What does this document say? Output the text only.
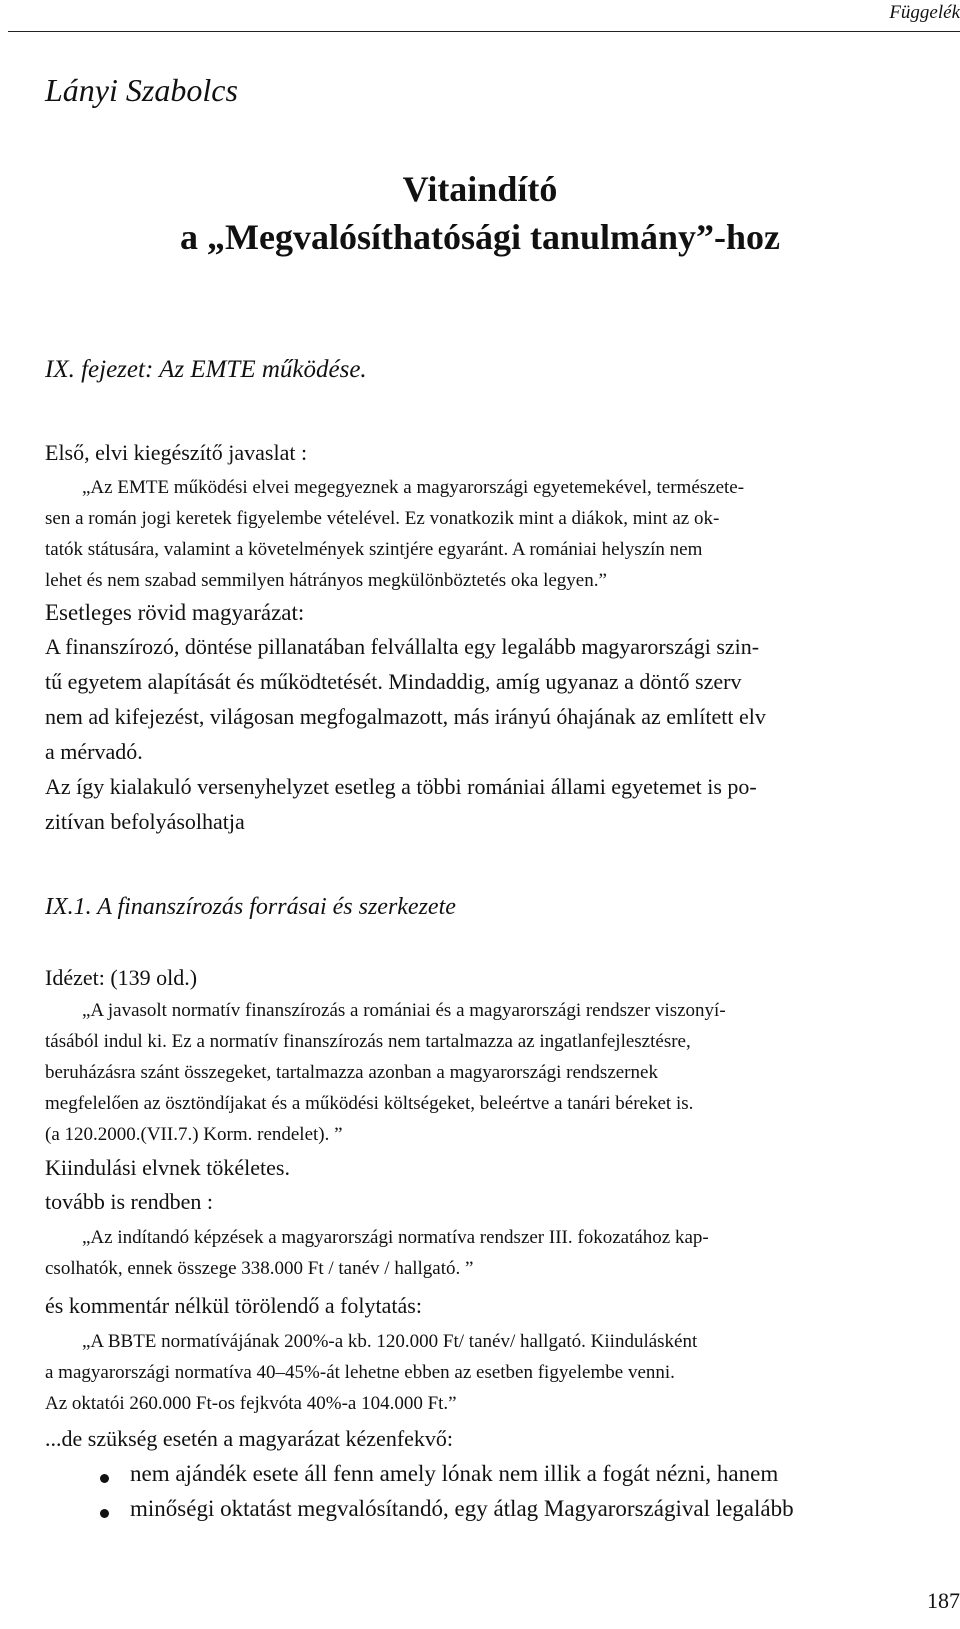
Függelék
Lányi Szabolcs
Vitaindító
a „Megvalósíthatósági tanulmány”-hoz
IX. fejezet: Az EMTE működése.
Első, elvi kiegészítő javaslat :
„Az EMTE működési elvei megegyeznek a magyarországi egyetemekével, természete-
sen a román jogi keretek figyelembe vételével. Ez vonatkozik mint a diákok, mint az ok-
tatók státusára, valamint a követelmények szintjére egyaránt. A romániai helyszín nem
lehet és nem szabad semmilyen hátrányos megkülönböztetés oka legyen.”
Esetleges rövid magyarázat:
A finanszírozó, döntése pillanatában felvállalta egy legalább magyarországi szin-
tű egyetem alapítását és működtetését. Mindaddig, amíg ugyanaz a döntő szerv
nem ad kifejezést, világosan megfogalmazott, más irányú óhajának az említett elv
a mérvadó.
Az így kialakuló versenyhelyzet esetleg a többi romániai állami egyetemet is po-
zitívan befolyásolhatja
IX.1. A finanszírozás forrásai és szerkezete
Idézet: (139 old.)
„A javasolt normatív finanszírozás a romániai és a magyarországi rendszer viszonyí-
tásából indul ki. Ez a normatív finanszírozás nem tartalmazza az ingatlanfejlesztésre,
beruházásra szánt összegeket, tartalmazza azonban a magyarországi rendszernek
megfelelően az ösztöndíjakat és a működési költségeket, beleértve a tanári béreket is.
(a 120.2000.(VII.7.) Korm. rendelet). ”
Kiindulási elvnek tökéletes.
tovább is rendben :
„Az indítandó képzések a magyarországi normatíva rendszer III. fokozatához kap-
csolhatók, ennek összege 338.000 Ft / tanév / hallgató. ”
és kommentár nélkül törölendő a folytatás:
„A BBTE normatívájának 200%-a kb. 120.000 Ft/ tanév/ hallgató. Kiindulásként
a magyarországi normatíva 40–45%-át lehetne ebben az esetben figyelembe venni.
Az oktatói 260.000 Ft-os fejkvóta 40%-a 104.000 Ft.”
...de szükség esetén a magyarázat kézenfekvő:
nem ajándék esete áll fenn amely lónak nem illik a fogát nézni, hanem
minőségi oktatást megvalósítandó, egy átlag Magyarországival legalább
187
